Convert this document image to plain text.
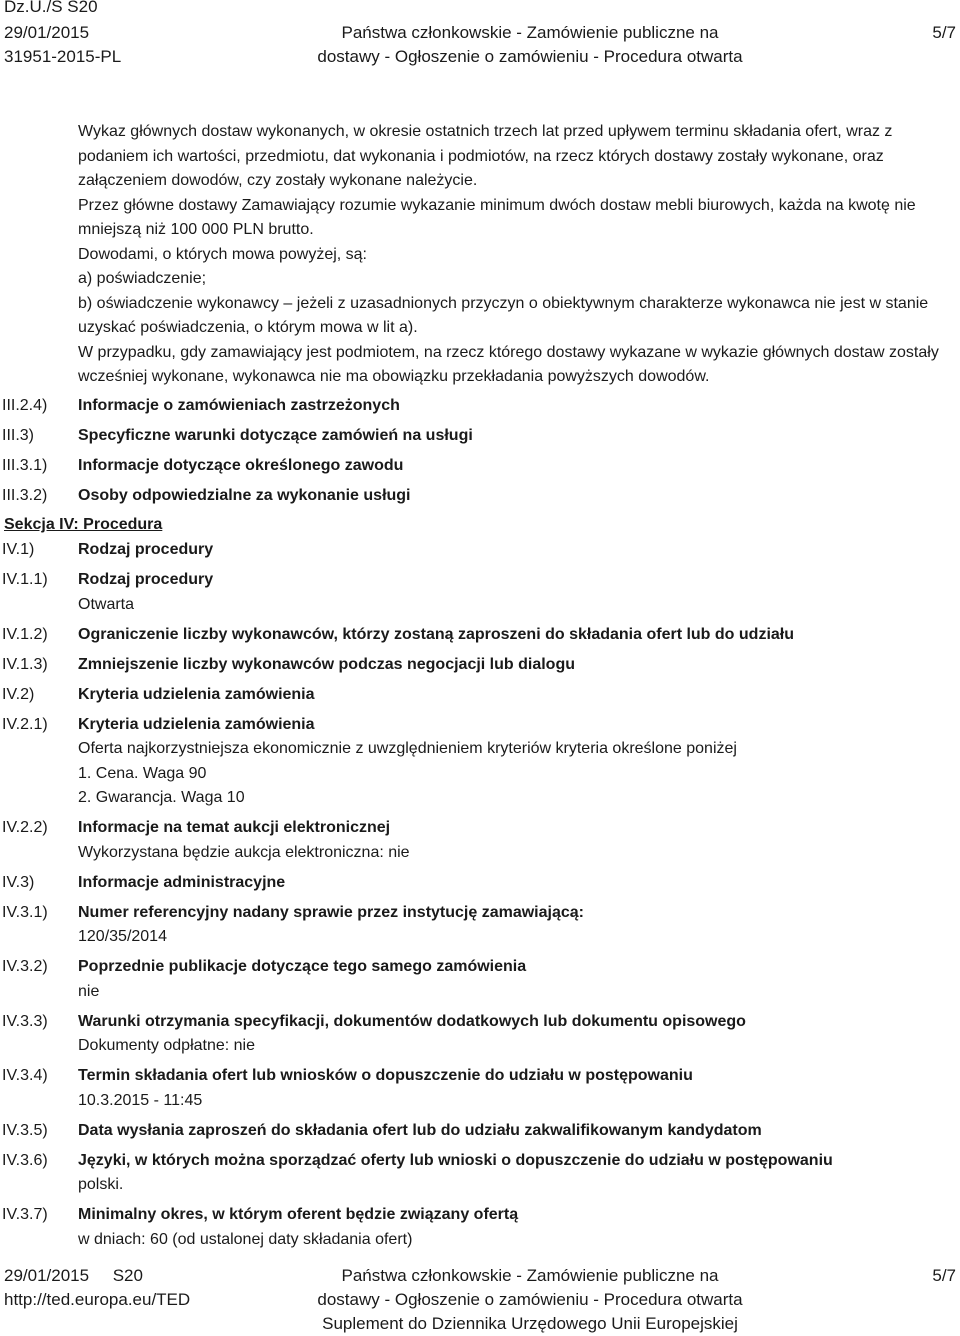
Dz.U./S S20
29/01/2015
31951-2015-PL
Państwa członkowskie - Zamówienie publiczne na
dostawy - Ogłoszenie o zamówieniu - Procedura otwarta
5/7
Wykaz głównych dostaw wykonanych, w okresie ostatnich trzech lat przed upływem terminu składania ofert, wraz z podaniem ich wartości, przedmiotu, dat wykonania i podmiotów, na rzecz których dostawy zostały wykonane, oraz załączeniem dowodów, czy zostały wykonane należycie.
Przez główne dostawy Zamawiający rozumie wykazanie minimum dwóch dostaw mebli biurowych, każda na kwotę nie mniejszą niż 100 000 PLN brutto.
Dowodami, o których mowa powyżej, są:
a) poświadczenie;
b) oświadczenie wykonawcy – jeżeli z uzasadnionych przyczyn o obiektywnym charakterze wykonawca nie jest w stanie uzyskać poświadczenia, o którym mowa w lit a).
W przypadku, gdy zamawiający jest podmiotem, na rzecz którego dostawy wykazane w wykazie głównych dostaw zostały wcześniej wykonane, wykonawca nie ma obowiązku przekładania powyższych dowodów.
III.2.4)	Informacje o zamówieniach zastrzeżonych
III.3)	Specyficzne warunki dotyczące zamówień na usługi
III.3.1)	Informacje dotyczące określonego zawodu
III.3.2)	Osoby odpowiedzialne za wykonanie usługi
Sekcja IV: Procedura
IV.1)	Rodzaj procedury
IV.1.1)	Rodzaj procedury
Otwarta
IV.1.2)	Ograniczenie liczby wykonawców, którzy zostaną zaproszeni do składania ofert lub do udziału
IV.1.3)	Zmniejszenie liczby wykonawców podczas negocjacji lub dialogu
IV.2)	Kryteria udzielenia zamówienia
IV.2.1)	Kryteria udzielenia zamówienia
Oferta najkorzystniejsza ekonomicznie z uwzględnieniem kryteriów kryteria określone poniżej
1. Cena. Waga 90
2. Gwarancja. Waga 10
IV.2.2)	Informacje na temat aukcji elektronicznej
Wykorzystana będzie aukcja elektroniczna: nie
IV.3)	Informacje administracyjne
IV.3.1)	Numer referencyjny nadany sprawie przez instytucję zamawiającą:
120/35/2014
IV.3.2)	Poprzednie publikacje dotyczące tego samego zamówienia
nie
IV.3.3)	Warunki otrzymania specyfikacji, dokumentów dodatkowych lub dokumentu opisowego
Dokumenty odpłatne: nie
IV.3.4)	Termin składania ofert lub wniosków o dopuszczenie do udziału w postępowaniu
10.3.2015 - 11:45
IV.3.5)	Data wysłania zaproszeń do składania ofert lub do udziału zakwalifikowanym kandydatom
IV.3.6)	Języki, w których można sporządzać oferty lub wnioski o dopuszczenie do udziału w postępowaniu
polski.
IV.3.7)	Minimalny okres, w którym oferent będzie związany ofertą
w dniach: 60 (od ustalonej daty składania ofert)
29/01/2015     S20
http://ted.europa.eu/TED
Państwa członkowskie - Zamówienie publiczne na
dostawy - Ogłoszenie o zamówieniu - Procedura otwarta
Suplement do Dziennika Urzędowego Unii Europejskiej
5/7
